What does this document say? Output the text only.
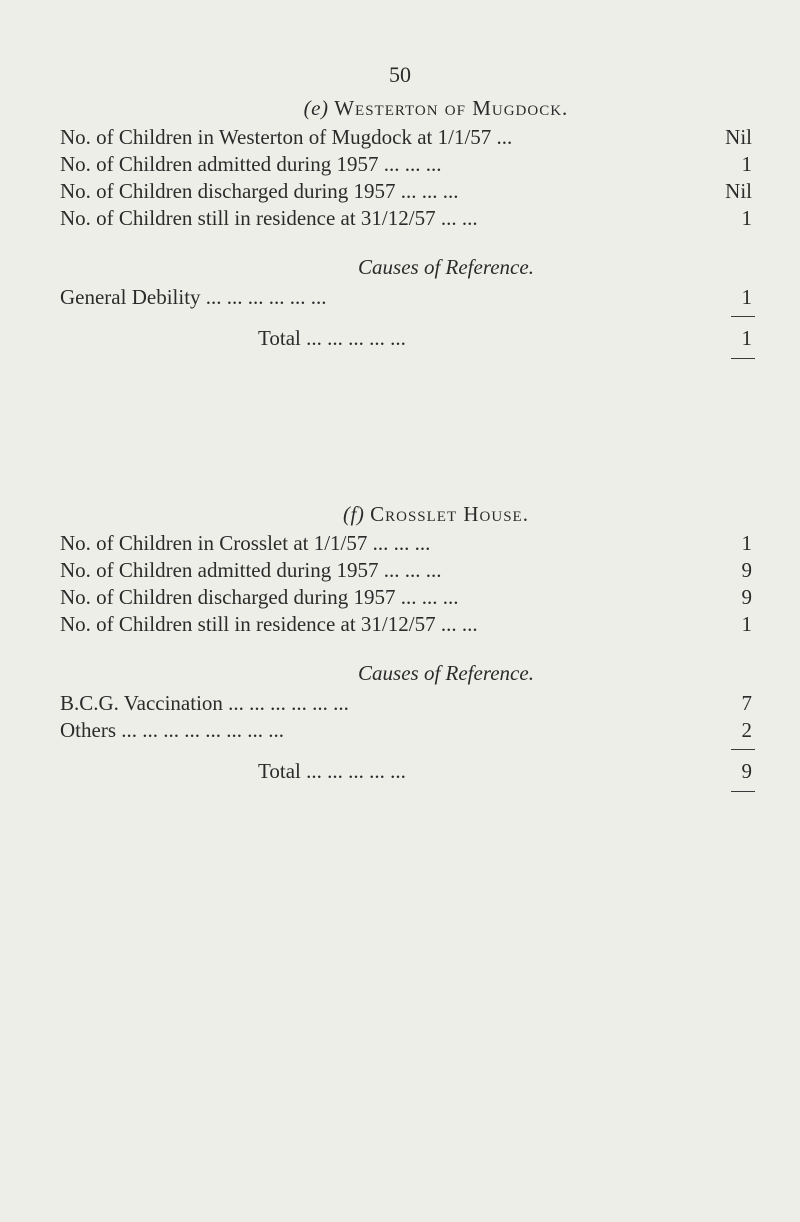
50
(e) Westerton of Mugdock.
No. of Children in Westerton of Mugdock at 1/1/57 ...	Nil
No. of Children admitted during 1957 ... ... ...	1
No. of Children discharged during 1957 ... ... ...	Nil
No. of Children still in residence at 31/12/57 ... ...	1
Causes of Reference.
General Debility ... ... ... ... ... ...	1
Total ... ... ... ... ...	1
(f) Crosslet House.
No. of Children in Crosslet at 1/1/57 ... ... ...	1
No. of Children admitted during 1957 ... ... ...	9
No. of Children discharged during 1957 ... ... ...	9
No. of Children still in residence at 31/12/57 ... ...	1
Causes of Reference.
B.C.G. Vaccination ... ... ... ... ... ...	7
Others ... ... ... ... ... ... ... ...	2
Total ... ... ... ... ...	9
